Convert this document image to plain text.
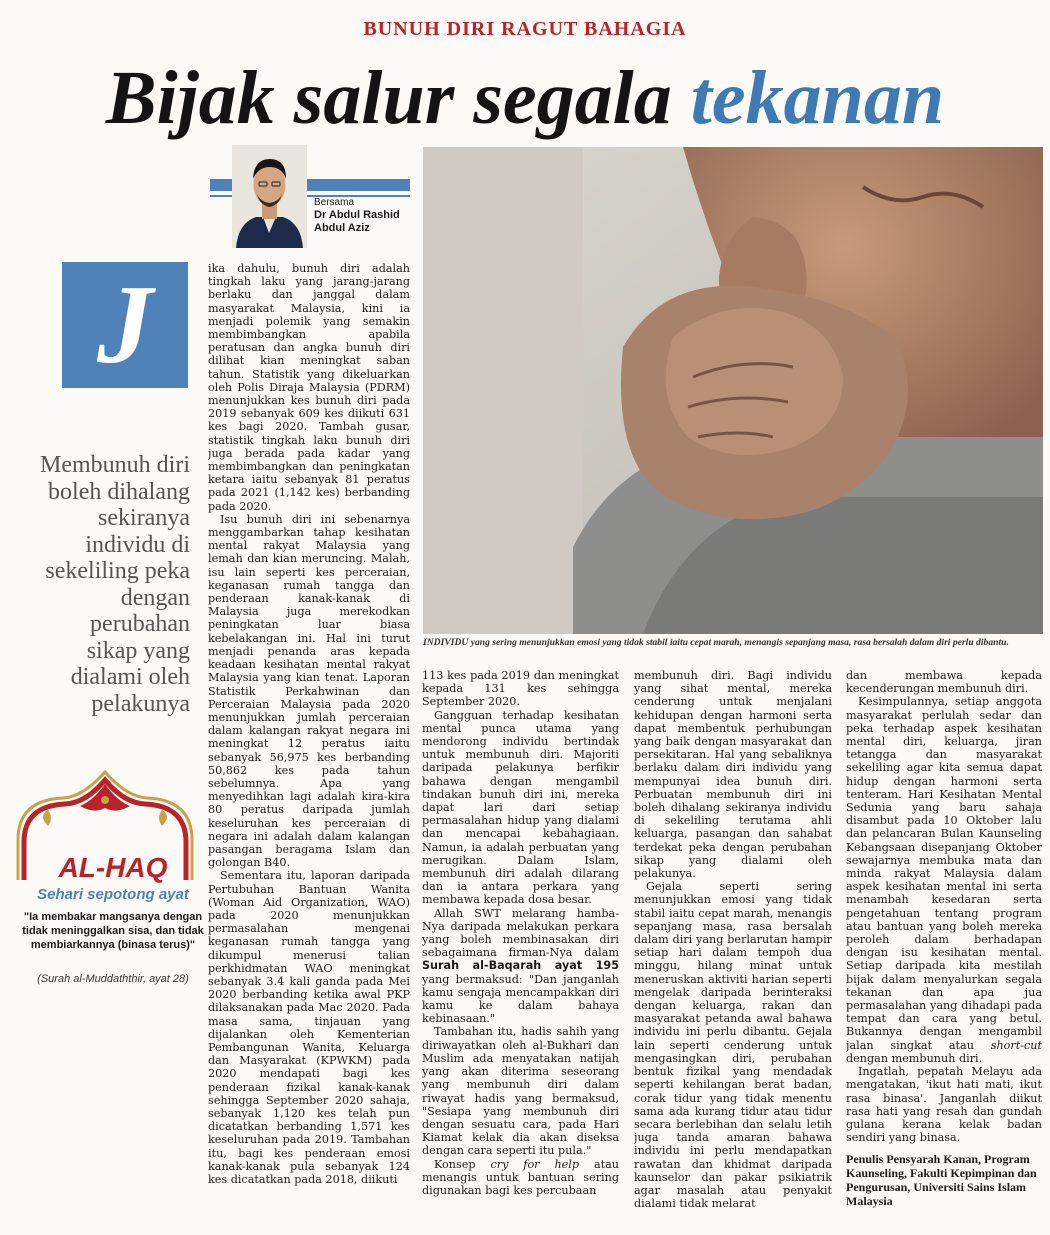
BUNUH DIRI RAGUT BAHAGIA
Bijak salur segala tekanan
Bersama
Dr Abdul Rashid
Abdul Aziz
J
Membunuh diri boleh dihalang sekiranya individu di sekeliling peka dengan perubahan sikap yang dialami oleh pelakunya
AL-HAQ
Sehari sepotong ayat
"Ia membakar mangsanya dengan tidak meninggalkan sisa, dan tidak membiarkannya (binasa terus)"
(Surah al-Muddaththir, ayat 28)
INDIVIDU yang sering menunjukkan emosi yang tidak stabil iaitu cepat marah, menangis sepanjang masa, rasa bersalah dalam diri perlu dibantu.

ika dahulu, bunuh diri adalah tingkah laku yang jarang-jarang berlaku dan janggal dalam masyarakat Malaysia, kini ia menjadi polemik yang semakin membimbangkan apabila peratusan dan angka bunuh diri dilihat kian meningkat saban tahun. Statistik yang dikeluarkan oleh Polis Diraja Malaysia (PDRM) menunjukkan kes bunuh diri pada 2019 sebanyak 609 kes diikuti 631 kes bagi 2020. Tambah gusar, statistik tingkah laku bunuh diri juga berada pada kadar yang membimbangkan dan peningkatan ketara iaitu sebanyak 81 peratus pada 2021 (1,142 kes) berbanding pada 2020.

Isu bunuh diri ini sebenarnya menggambarkan tahap kesihatan mental rakyat Malaysia yang lemah dan kian meruncing. Malah, isu lain seperti kes perceraian, keganasan rumah tangga dan penderaan kanak-kanak di Malaysia juga merekodkan peningkatan luar biasa kebelakangan ini. Hal ini turut menjadi penanda aras kepada keadaan kesihatan mental rakyat Malaysia yang kian tenat. Laporan Statistik Perkahwinan dan Perceraian Malaysia pada 2020 menunjukkan jumlah perceraian dalam kalangan rakyat negara ini meningkat 12 peratus iaitu sebanyak 56,975 kes berbanding 50,862 kes pada tahun sebelumnya. Apa yang menyedihkan lagi adalah kira-kira 80 peratus daripada jumlah keseluruhan kes perceraian di negara ini adalah dalam kalangan pasangan beragama Islam dan golongan B40.

Sementara itu, laporan daripada Pertubuhan Bantuan Wanita (Woman Aid Organization, WAO) pada 2020 menunjukkan permasalahan mengenai keganasan rumah tangga yang dikumpul menerusi talian perkhidmatan WAO meningkat sebanyak 3.4 kali ganda pada Mei 2020 berbanding ketika awal PKP dilaksanakan pada Mac 2020. Pada masa sama, tinjauan yang dijalankan oleh Kementerian Pembangunan Wanita, Keluarga dan Masyarakat (KPWKM) pada 2020 mendapati bagi kes penderaan fizikal kanak-kanak sehingga September 2020 sahaja, sebanyak 1,120 kes telah pun dicatatkan berbanding 1,571 kes keseluruhan pada 2019. Tambahan itu, bagi kes penderaan emosi kanak-kanak pula sebanyak 124 kes dicatatkan pada 2018, diikuti

113 kes pada 2019 dan meningkat kepada 131 kes sehingga September 2020.

Gangguan terhadap kesihatan mental punca utama yang mendorong individu bertindak untuk membunuh diri. Majoriti daripada pelakunya berfikir bahawa dengan mengambil tindakan bunuh diri ini, mereka dapat lari dari setiap permasalahan hidup yang dialami dan mencapai kebahagiaan. Namun, ia adalah perbuatan yang merugikan. Dalam Islam, membunuh diri adalah dilarang dan ia antara perkara yang membawa kepada dosa besar.

Allah SWT melarang hamba-Nya daripada melakukan perkara yang boleh membinasakan diri sebagaimana firman-Nya dalam Surah al-Baqarah ayat 195 yang bermaksud: "Dan janganlah kamu sengaja mencampakkan diri kamu ke dalam bahaya kebinasaan."

Tambahan itu, hadis sahih yang diriwayatkan oleh al-Bukhari dan Muslim ada menyatakan natijah yang akan diterima seseorang yang membunuh diri dalam riwayat hadis yang bermaksud, "Sesiapa yang membunuh diri dengan sesuatu cara, pada Hari Kiamat kelak dia akan diseksa dengan cara seperti itu pula."

Konsep cry for help atau menangis untuk bantuan sering digunakan bagi kes percubaan

membunuh diri. Bagi individu yang sihat mental, mereka cenderung untuk menjalani kehidupan dengan harmoni serta dapat membentuk perhubungan yang baik dengan masyarakat dan persekitaran. Hal yang sebaliknya berlaku dalam diri individu yang mempunyai idea bunuh diri. Perbuatan membunuh diri ini boleh dihalang sekiranya individu di sekeliling terutama ahli keluarga, pasangan dan sahabat terdekat peka dengan perubahan sikap yang dialami oleh pelakunya.

Gejala seperti sering menunjukkan emosi yang tidak stabil iaitu cepat marah, menangis sepanjang masa, rasa bersalah dalam diri yang berlarutan hampir setiap hari dalam tempoh dua minggu, hilang minat untuk meneruskan aktiviti harian seperti mengelak daripada berinteraksi dengan keluarga, rakan dan masyarakat petanda awal bahawa individu ini perlu dibantu. Gejala lain seperti cenderung untuk mengasingkan diri, perubahan bentuk fizikal yang mendadak seperti kehilangan berat badan, corak tidur yang tidak menentu sama ada kurang tidur atau tidur secara berlebihan dan selalu letih juga tanda amaran bahawa individu ini perlu mendapatkan rawatan dan khidmat daripada kaunselor dan pakar psikiatrik agar masalah atau penyakit dialami tidak melarat

dan membawa kepada kecenderungan membunuh diri.

Kesimpulannya, setiap anggota masyarakat perlulah sedar dan peka terhadap aspek kesihatan mental diri, keluarga, jiran tetangga dan masyarakat sekeliling agar kita semua dapat hidup dengan harmoni serta tenteram. Hari Kesihatan Mental Sedunia yang baru sahaja disambut pada 10 Oktober lalu dan pelancaran Bulan Kaunseling Kebangsaan disepanjang Oktober sewajarnya membuka mata dan minda rakyat Malaysia dalam aspek kesihatan mental ini serta menambah kesedaran serta pengetahuan tentang program atau bantuan yang boleh mereka peroleh dalam berhadapan dengan isu kesihatan mental. Setiap daripada kita mestilah bijak dalam menyalurkan segala tekanan dan apa jua permasalahan yang dihadapi pada tempat dan cara yang betul. Bukannya dengan mengambil jalan singkat atau short-cut dengan membunuh diri.

Ingatlah, pepatah Melayu ada mengatakan, 'ikut hati mati, ikut rasa binasa'. Janganlah diikut rasa hati yang resah dan gundah gulana kerana kelak badan sendiri yang binasa.

Penulis Pensyarah Kanan, Program Kaunseling, Fakulti Kepimpinan dan Pengurusan, Universiti Sains Islam Malaysia
